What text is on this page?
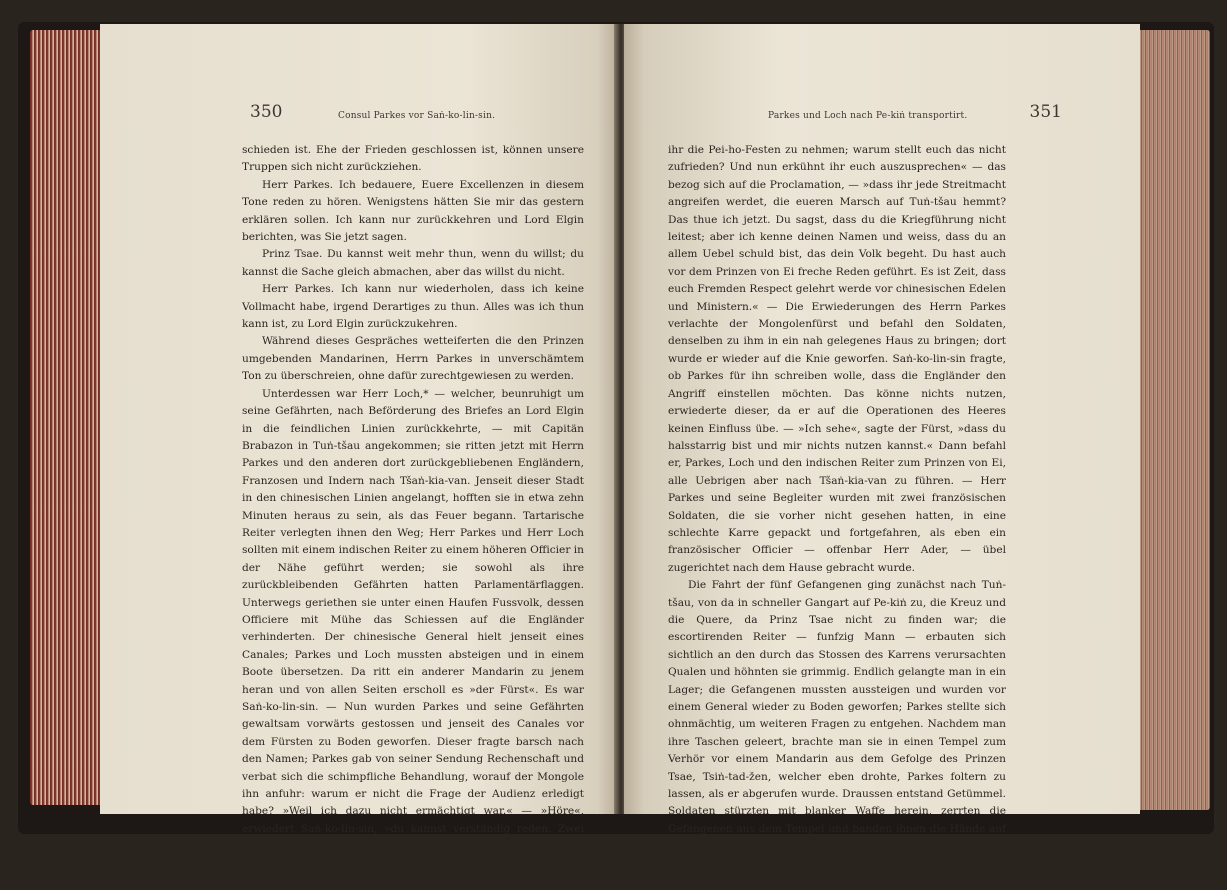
350	Consul Parkes vor Saṅ-ko-lin-sin.

schieden ist. Ehe der Frieden geschlossen ist, können unsere Truppen sich nicht zurückziehen.

Herr Parkes. Ich bedauere, Euere Excellenzen in diesem Tone reden zu hören. Wenigstens hätten Sie mir das gestern erklären sollen. Ich kann nur zurückkehren und Lord Elgin berichten, was Sie jetzt sagen.

Prinz Tsae. Du kannst weit mehr thun, wenn du willst; du kannst die Sache gleich abmachen, aber das willst du nicht.

Herr Parkes. Ich kann nur wiederholen, dass ich keine Vollmacht habe, irgend Derartiges zu thun. Alles was ich thun kann ist, zu Lord Elgin zurückzukehren.

Während dieses Gespräches wetteiferten die den Prinzen umgebenden Mandarinen, Herrn Parkes in unverschämtem Ton zu überschreien, ohne dafür zurechtgewiesen zu werden.

Unterdessen war Herr Loch,* — welcher, beunruhigt um seine Gefährten, nach Beförderung des Briefes an Lord Elgin in die feindlichen Linien zurückkehrte, — mit Capitän Brabazon in Tuṅ-tšau angekommen; sie ritten jetzt mit Herrn Parkes und den anderen dort zurückgebliebenen Engländern, Franzosen und Indern nach Tšaṅ-kia-van. Jenseit dieser Stadt in den chinesischen Linien angelangt, hofften sie in etwa zehn Minuten heraus zu sein, als das Feuer begann. Tartarische Reiter verlegten ihnen den Weg; Herr Parkes und Herr Loch sollten mit einem indischen Reiter zu einem höheren Officier in der Nähe geführt werden; sie sowohl als ihre zurückbleibenden Gefährten hatten Parlamentärflaggen. Unterwegs geriethen sie unter einen Haufen Fussvolk, dessen Officiere mit Mühe das Schiessen auf die Engländer verhinderten. Der chinesische General hielt jenseit eines Canales; Parkes und Loch mussten absteigen und in einem Boote übersetzen. Da ritt ein anderer Mandarin zu jenem heran und von allen Seiten erscholl es »der Fürst«. Es war Saṅ-ko-lin-sin. — Nun wurden Parkes und seine Gefährten gewaltsam vorwärts gestossen und jenseit des Canales vor dem Fürsten zu Boden geworfen. Dieser fragte barsch nach den Namen; Parkes gab von seiner Sendung Rechenschaft und verbat sich die schimpfliche Behandlung, worauf der Mongole ihn anfuhr: warum er nicht die Frage der Audienz erledigt habe? »Weil ich dazu nicht ermächtigt war.« — »Höre«, erwiedert Saṅ-ko-lin-sin, »du kannst verständig reden. Zwei Siege habt ihr gewonnen gegen einen von uns. Zweimal wagtet

Parkes und Loch nach Pe-kiṅ transportirt.	351

ihr die Pei-ho-Festen zu nehmen; warum stellt euch das nicht zufrieden? Und nun erkühnt ihr euch auszusprechen« — das bezog sich auf die Proclamation, — »dass ihr jede Streitmacht angreifen werdet, die eueren Marsch auf Tuṅ-tšau hemmt? Das thue ich jetzt. Du sagst, dass du die Kriegführung nicht leitest; aber ich kenne deinen Namen und weiss, dass du an allem Uebel schuld bist, das dein Volk begeht. Du hast auch vor dem Prinzen von Ei freche Reden geführt. Es ist Zeit, dass euch Fremden Respect gelehrt werde vor chinesischen Edelen und Ministern.« — Die Erwiederungen des Herrn Parkes verlachte der Mongolenfürst und befahl den Soldaten, denselben zu ihm in ein nah gelegenes Haus zu bringen; dort wurde er wieder auf die Knie geworfen. Saṅ-ko-lin-sin fragte, ob Parkes für ihn schreiben wolle, dass die Engländer den Angriff einstellen möchten. Das könne nichts nutzen, erwiederte dieser, da er auf die Operationen des Heeres keinen Einfluss übe. — »Ich sehe«, sagte der Fürst, »dass du halsstarrig bist und mir nichts nutzen kannst.« Dann befahl er, Parkes, Loch und den indischen Reiter zum Prinzen von Ei, alle Uebrigen aber nach Tšaṅ-kia-van zu führen. — Herr Parkes und seine Begleiter wurden mit zwei französischen Soldaten, die sie vorher nicht gesehen hatten, in eine schlechte Karre gepackt und fortgefahren, als eben ein französischer Officier — offenbar Herr Ader, — übel zugerichtet nach dem Hause gebracht wurde.

Die Fahrt der fünf Gefangenen ging zunächst nach Tuṅ-tšau, von da in schneller Gangart auf Pe-kiṅ zu, die Kreuz und die Quere, da Prinz Tsae nicht zu finden war; die escortirenden Reiter — funfzig Mann — erbauten sich sichtlich an den durch das Stossen des Karrens verursachten Qualen und höhnten sie grimmig. Endlich gelangte man in ein Lager; die Gefangenen mussten aussteigen und wurden vor einem General wieder zu Boden geworfen; Parkes stellte sich ohnmächtig, um weiteren Fragen zu entgehen. Nachdem man ihre Taschen geleert, brachte man sie in einen Tempel zum Verhör vor einem Mandarin aus dem Gefolge des Prinzen Tsae, Tsiṅ-tad-žen, welcher eben drohte, Parkes foltern zu lassen, als er abgerufen wurde. Draussen entstand Getümmel. Soldaten stürzten mit blanker Waffe herein, zerrten die Gefangenen aus dem Tempel und banden ihnen die Hände auf den Rücken. Das Lager wurde abgebrochen, in wilder Bestürzung lief Alles durcheinander. Die Gefangenen wurden wieder in einen
